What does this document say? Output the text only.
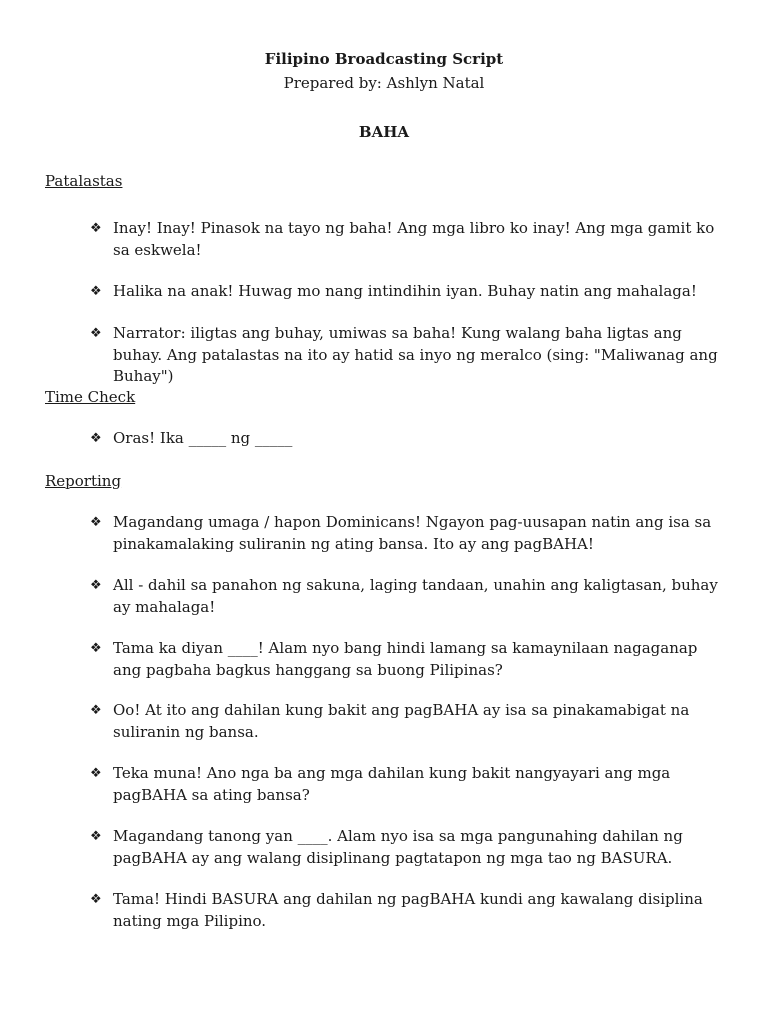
Filipino Broadcasting Script
Prepared by: Ashlyn Natal
BAHA
Patalastas
❖ Inay! Inay! Pinasok na tayo ng baha! Ang mga libro ko inay! Ang mga gamit ko sa eskwela!
❖ Halika na anak! Huwag mo nang intindihin iyan. Buhay natin ang mahalaga!
❖ Narrator: iligtas ang buhay, umiwas sa baha! Kung walang baha ligtas ang buhay. Ang patalastas na ito ay hatid sa inyo ng meralco (sing: "Maliwanag ang Buhay")
Time Check
❖ Oras! Ika _____ ng _____
Reporting
❖ Magandang umaga / hapon Dominicans! Ngayon pag-uusapan natin ang isa sa pinakamalaking suliranin ng ating bansa. Ito ay ang pagBAHA!
❖ All - dahil sa panahon ng sakuna, laging tandaan, unahin ang kaligtasan, buhay ay mahalaga!
❖ Tama ka diyan ____! Alam nyo bang hindi lamang sa kamaynilaan nagaganap ang pagbaha bagkus hanggang sa buong Pilipinas?
❖ Oo! At ito ang dahilan kung bakit ang pagBAHA ay isa sa pinakamabigat na suliranin ng bansa.
❖ Teka muna! Ano nga ba ang mga dahilan kung bakit nangyayari ang mga pagBAHA sa ating bansa?
❖ Magandang tanong yan ____. Alam nyo isa sa mga pangunahing dahilan ng pagBAHA ay ang walang disiplinang pagtatapon ng mga tao ng BASURA.
❖ Tama! Hindi BASURA ang dahilan ng pagBAHA kundi ang kawalang disiplina nating mga Pilipino.
